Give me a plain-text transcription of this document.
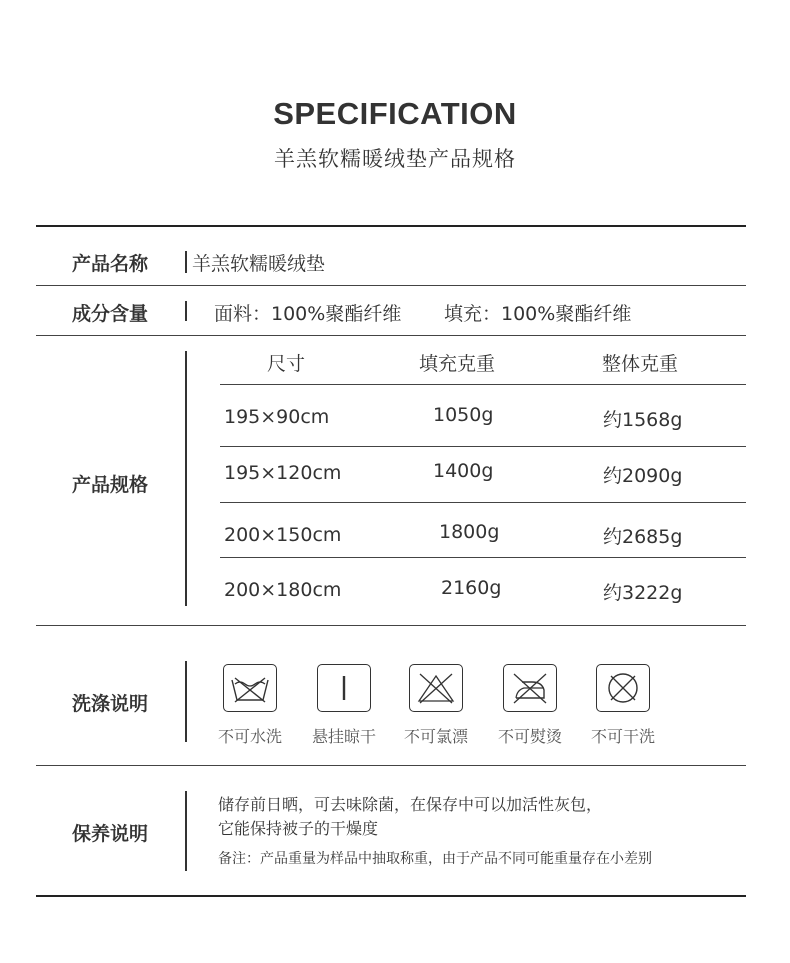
SPECIFICATION
羊羔软糯暖绒垫产品规格
产品名称 羊羔软糯暖绒垫
成分含量	面料：100%聚酯纤维 填充：100%聚酯纤维
产品规格
尺寸	填充克重	整体克重
195×90cm	1050g	约1568g
195×120cm	1400g	约2090g
200×150cm	1800g	约2685g
200×180cm	2160g	约3222g
洗涤说明
不可水洗	悬挂晾干	不可氯漂	不可熨烫	不可干洗
保养说明
储存前日晒，可去味除菌，在保存中可以加活性灰包，
它能保持被子的干燥度
备注：产品重量为样品中抽取称重，由于产品不同可能重量存在小差别
